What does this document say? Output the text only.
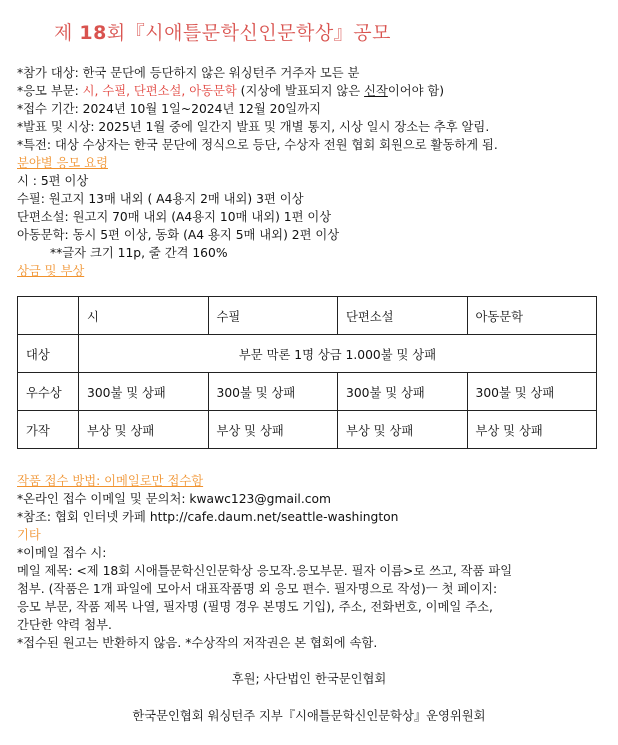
제 18회『시애틀문학신인문학상』공모
*참가 대상: 한국 문단에 등단하지 않은 워싱턴주 거주자 모든 분
*응모 부문: 시, 수필, 단편소설, 아동문학 (지상에 발표되지 않은 신작이어야 함)
*접수 기간: 2024년 10월 1일~2024년 12월 20일까지
*발표 및 시상: 2025년 1월 중에 일간지 발표 및 개별 통지, 시상 일시 장소는 추후 알림.
*특전: 대상 수상자는 한국 문단에 정식으로 등단, 수상자 전원 협회 회원으로 활동하게 됨.
분야별 응모 요령
시 : 5편 이상
수필: 원고지 13매 내외 ( A4용지 2매 내외) 3편 이상
단편소설: 원고지 70매 내외 (A4용지 10매 내외) 1편 이상
아동문학: 동시 5편 이상, 동화 (A4 용지 5매 내외) 2편 이상
**글자 크기 11p, 줄 간격 160%
상금 및 부상
	시	수필	단편소설	아동문학
대상	부문 막론 1명 상금 1.000불 및 상패			
우수상	300불 및 상패	300불 및 상패	300불 및 상패	300불 및 상패
가작	부상 및 상패	부상 및 상패	부상 및 상패	부상 및 상패
작품 접수 방법: 이메일로만 접수함
*온라인 접수 이메일 및 문의처: kwawc123@gmail.com
*참조: 협회 인터넷 카페 http://cafe.daum.net/seattle-washington
기타
*이메일 접수 시:
메일 제목: <제 18회 시애틀문학신인문학상 응모작.응모부문. 필자 이름>로 쓰고, 작품 파일
첨부. (작품은 1개 파일에 모아서 대표작품명 외 응모 편수. 필자명으로 작성)ㅡ 첫 페이지:
응모 부문, 작품 제목 나열, 필자명 (필명 경우 본명도 기입), 주소, 전화번호, 이메일 주소,
간단한 약력 첨부.
*접수된 원고는 반환하지 않음. *수상작의 저작권은 본 협회에 속함.
후원; 사단법인 한국문인협회
한국문인협회 워싱턴주 지부『시애틀문학신인문학상』운영위원회
